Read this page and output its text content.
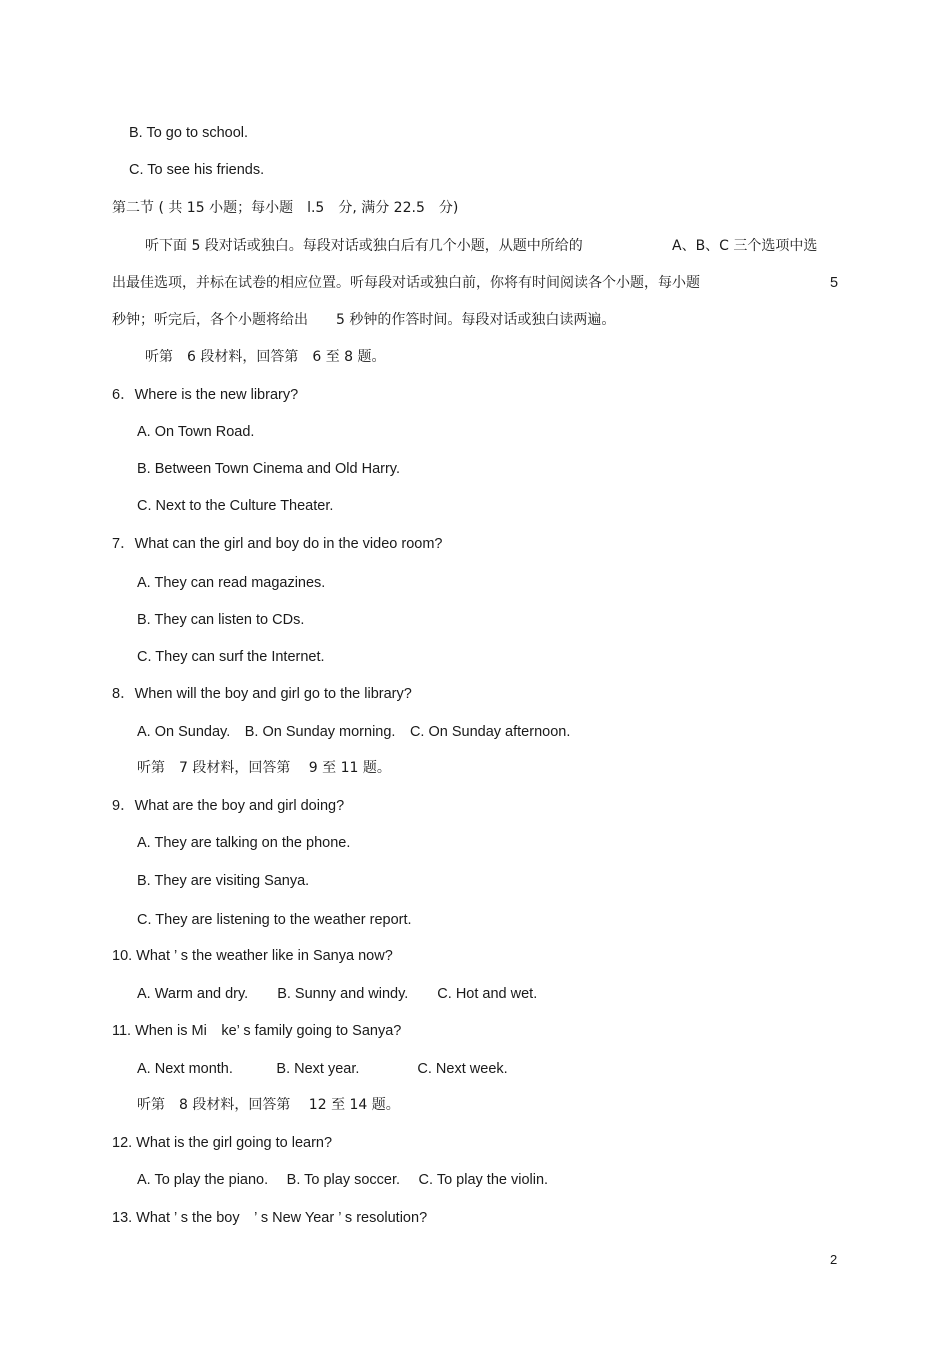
B. To go to school.
C. To see his friends.
第二节 ( 共 15 小题；每小题　l.5　分, 满分 22.5　分)
听下面 5 段对话或独白。每段对话或独白后有几个小题，从题中所给的	A、B、C 三个选项中选
出最佳选项，并标在试卷的相应位置。听每段对话或独白前，你将有时间阅读各个小题，每小题	5
秒钟；听完后，各个小题将给出　　5 秒钟的作答时间。每段对话或独白读两遍。
听第　6 段材料，回答第　6 至 8 题。
6．Where is the new library?
A. On Town Road.
B. Between Town Cinema and Old Harry.
C. Next to the Culture Theater.
7．What can the girl and boy do in the video room?
A. They can read magazines.
B. They can listen to CDs.
C. They can surf the Internet.
8．When will the boy and girl go to the library?
A. On Sunday.　B. On Sunday morning.　C. On Sunday afternoon.
听第　7 段材料，回答第　 9 至 11 题。
9．What are the boy and girl doing?
A. They are talking on the phone.
B. They are visiting Sanya.
C. They are listening to the weather report.
10. What ’ s the weather like in Sanya now?
A. Warm and dry.　　B. Sunny and windy.　　C. Hot and wet.
11. When is Mi　ke’ s family going to Sanya?
A. Next month.　　　B. Next year.　　　　C. Next week.
听第　8 段材料，回答第　 12 至 14 题。
12. What is the girl going to learn?
A. To play the piano.　 B. To play soccer.　 C. To play the violin.
13. What ’ s the boy　’ s New Year ’ s resolution?
2
